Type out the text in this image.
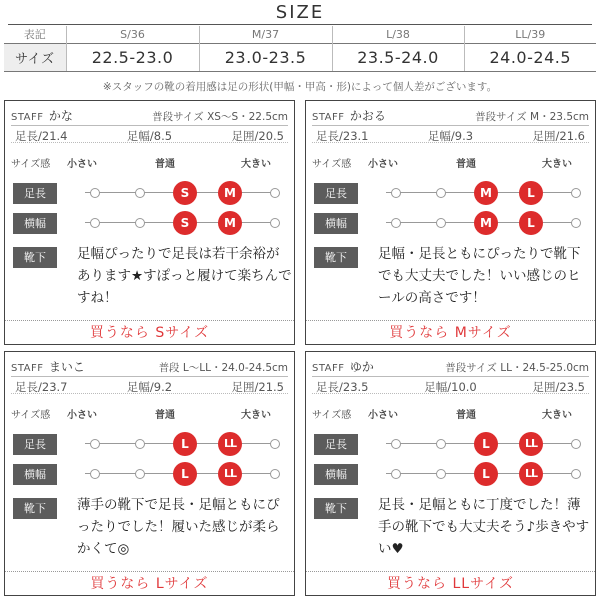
SIZE
表記	S/36	M/37	L/38	LL/39
サイズ	22.5-23.0	23.0-23.5	23.5-24.0	24.0-24.5
※スタッフの靴の着用感は足の形状(甲幅・甲高・形)によって個人差がございます。
STAFF かな	普段サイズ XS〜S・22.5cm
足長/21.4	足幅/8.5	足囲/20.5
サイズ感 小さい	普通	大きい
足長	S	M
横幅	S	M
靴下	足幅ぴったりで足長は若干余裕があります★すぽっと履けて楽ちんですね！
買うなら Sサイズ
STAFF かおる	普段サイズ M・23.5cm
足長/23.1	足幅/9.3	足囲/21.6
サイズ感 小さい	普通	大きい
足長	M	L
横幅	M	L
靴下	足幅・足長ともにぴったりで靴下でも大丈夫でした！いい感じのヒールの高さです！
買うなら Mサイズ
STAFF まいこ	普段 L〜LL・24.0-24.5cm
足長/23.7	足幅/9.2	足囲/21.5
サイズ感 小さい	普通	大きい
足長	L	LL
横幅	L	LL
靴下	薄手の靴下で足長・足幅ともにぴったりでした！履いた感じが柔らかくて◎
買うなら Lサイズ
STAFF ゆか	普段サイズ LL・24.5-25.0cm
足長/23.5	足幅/10.0	足囲/23.5
サイズ感 小さい	普通	大きい
足長	L	LL
横幅	L	LL
靴下	足長・足幅ともに丁度でした！薄手の靴下でも大丈夫そう♪歩きやすい♥
買うなら LLサイズ
